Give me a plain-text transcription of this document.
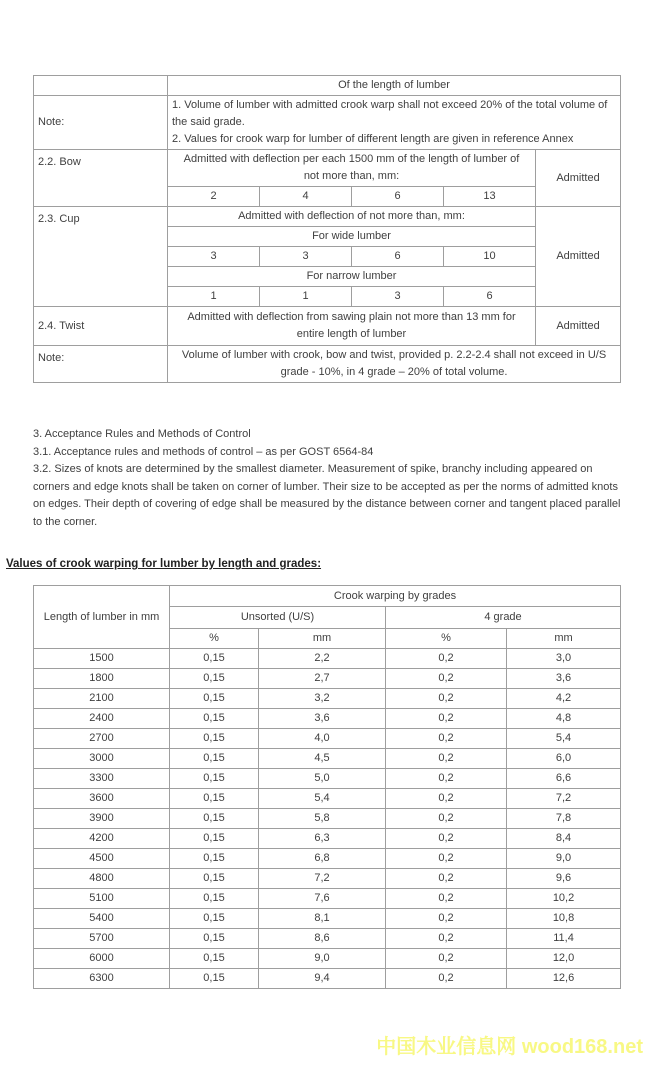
	Of the length of lumber				
Note:	1. Volume of lumber with admitted crook warp shall not exceed 20% of the total volume of the said grade.
2. Values for crook warp for lumber of different length are given in reference Annex				

2.2. Bow	Admitted with deflection per each 1500 mm of the length of lumber of not more than, mm:				Admitted
	2	4	6	13	
2.3. Cup	Admitted with deflection of not more than, mm:				Admitted
	For wide lumber				
	3	3	6	10	
	For narrow lumber				
	1	1	3	6	
2.4. Twist	Admitted with deflection from sawing plain not more than 13 mm for entire length of lumber				Admitted
Note:	Volume of lumber with crook, bow and twist, provided p. 2.2-2.4 shall not exceed in U/S grade - 10%, in 4 grade – 20% of total volume.				
3. Acceptance Rules and Methods of Control
3.1. Acceptance rules and methods of control – as per GOST 6564-84
3.2. Sizes of knots are determined by the smallest diameter. Measurement of spike, branchy including appeared on corners and edge knots shall be taken on corner of lumber. Their size to be accepted as per the norms of admitted knots on edges. Their depth of covering of edge shall be measured by the distance between corner and tangent placed parallel to the corner.
Values of crook warping for lumber by length and grades:
Length of lumber in mm	Crook warping by grades			
	Unsorted (U/S)		4 grade	
	%	mm	%	mm
1500	0,15	2,2	0,2	3,0
1800	0,15	2,7	0,2	3,6
2100	0,15	3,2	0,2	4,2
2400	0,15	3,6	0,2	4,8
2700	0,15	4,0	0,2	5,4
3000	0,15	4,5	0,2	6,0
3300	0,15	5,0	0,2	6,6
3600	0,15	5,4	0,2	7,2
3900	0,15	5,8	0,2	7,8
4200	0,15	6,3	0,2	8,4
4500	0,15	6,8	0,2	9,0
4800	0,15	7,2	0,2	9,6
5100	0,15	7,6	0,2	10,2
5400	0,15	8,1	0,2	10,8
5700	0,15	8,6	0,2	11,4
6000	0,15	9,0	0,2	12,0
6300	0,15	9,4	0,2	12,6
中国木业信息网 wood168.net
